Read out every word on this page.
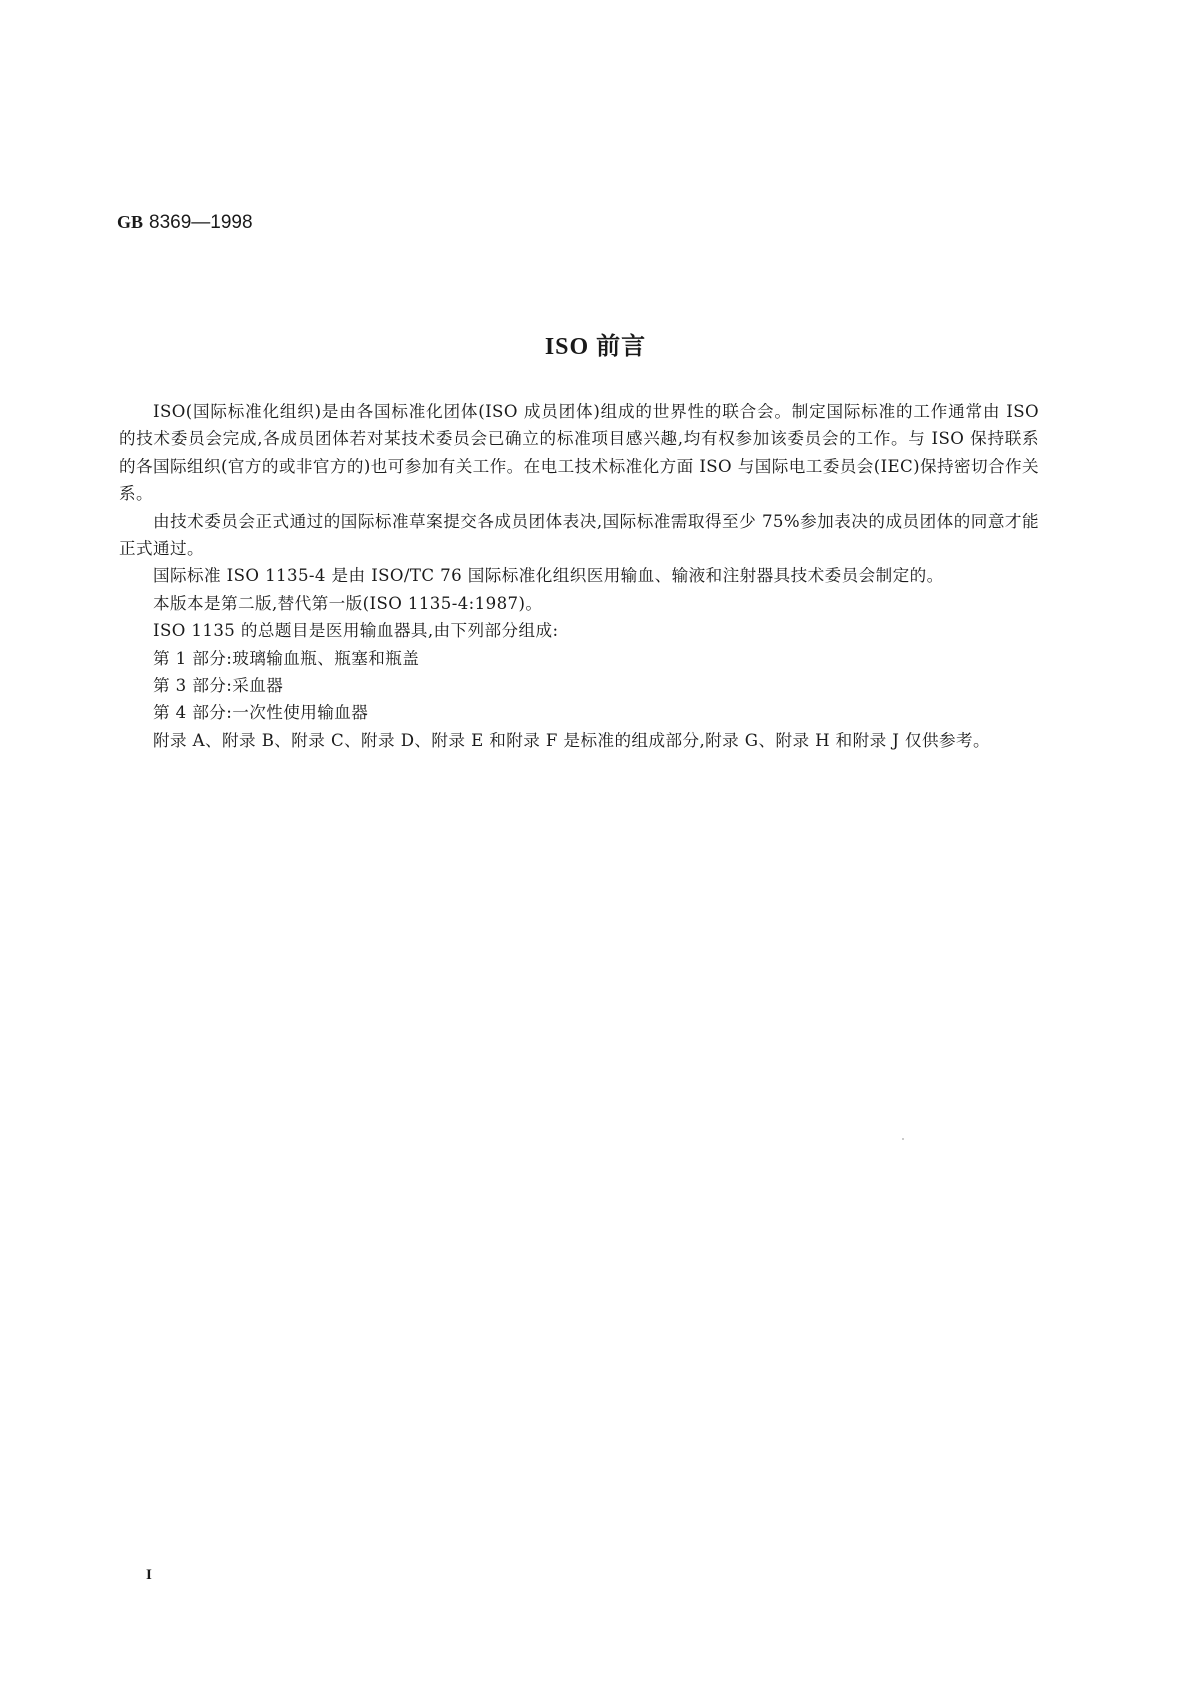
GB 8369—1998
ISO 前言

ISO(国际标准化组织)是由各国标准化团体(ISO 成员团体)组成的世界性的联合会。制定国际标准的工作通常由 ISO 的技术委员会完成,各成员团体若对某技术委员会已确立的标准项目感兴趣,均有权参加该委员会的工作。与 ISO 保持联系的各国际组织(官方的或非官方的)也可参加有关工作。在电工技术标准化方面 ISO 与国际电工委员会(IEC)保持密切合作关系。

由技术委员会正式通过的国际标准草案提交各成员团体表决,国际标准需取得至少 75%参加表决的成员团体的同意才能正式通过。

国际标准 ISO 1135-4 是由 ISO/TC 76 国际标准化组织医用输血、输液和注射器具技术委员会制定的。

本版本是第二版,替代第一版(ISO 1135-4:1987)。

ISO 1135 的总题目是医用输血器具,由下列部分组成:

第 1 部分:玻璃输血瓶、瓶塞和瓶盖

第 3 部分:采血器

第 4 部分:一次性使用输血器

附录 A、附录 B、附录 C、附录 D、附录 E 和附录 F 是标准的组成部分,附录 G、附录 H 和附录 J 仅供参考。

I
